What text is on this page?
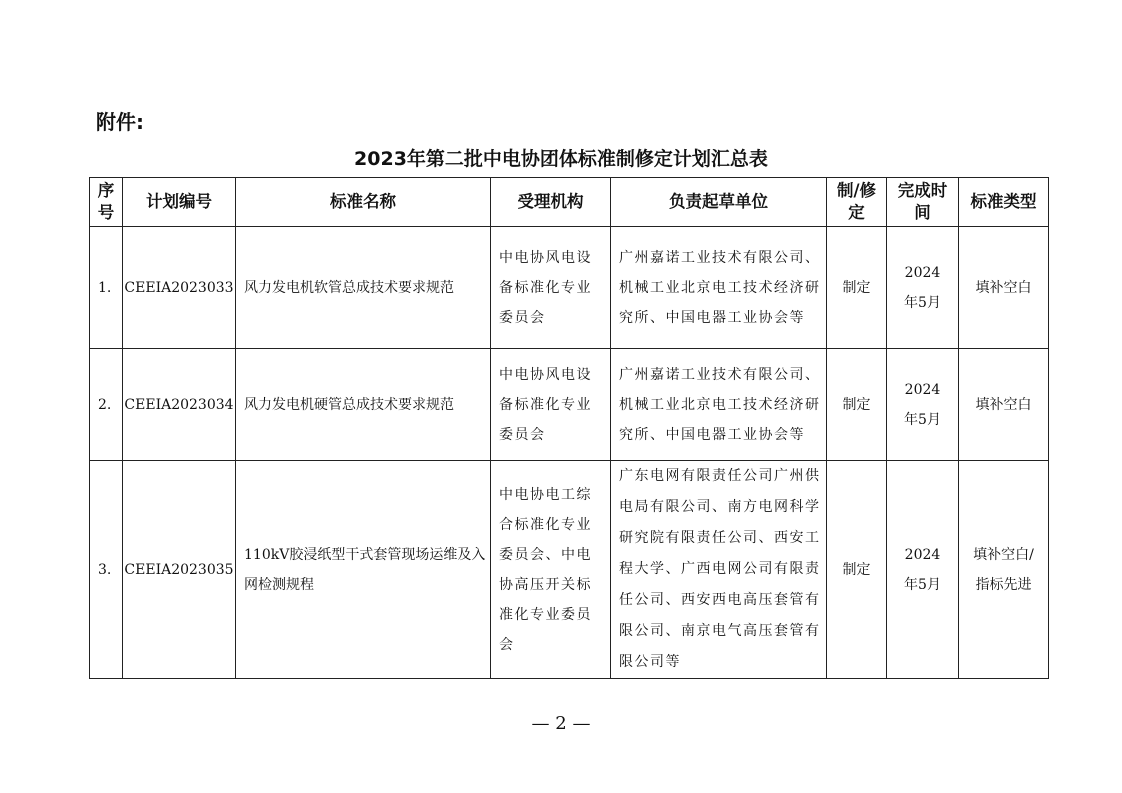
附件:
2023年第二批中电协团体标准制修定计划汇总表
序号	计划编号	标准名称	受理机构	负责起草单位	制/修定	完成时间	标准类型
1.	CEEIA2023033	风力发电机软管总成技术要求规范	中电协风电设备标准化专业委员会	广州嘉诺工业技术有限公司、机械工业北京电工技术经济研究所、中国电器工业协会等	制定	2024年5月	填补空白
2.	CEEIA2023034	风力发电机硬管总成技术要求规范	中电协风电设备标准化专业委员会	广州嘉诺工业技术有限公司、机械工业北京电工技术经济研究所、中国电器工业协会等	制定	2024年5月	填补空白
3.	CEEIA2023035	110kV胶浸纸型干式套管现场运维及入网检测规程	中电协电工综合标准化专业委员会、中电协高压开关标准化专业委员会	广东电网有限责任公司广州供电局有限公司、南方电网科学研究院有限责任公司、西安工程大学、广西电网公司有限责任公司、西安西电高压套管有限公司、南京电气高压套管有限公司等	制定	2024年5月	填补空白/指标先进
— 2 —
